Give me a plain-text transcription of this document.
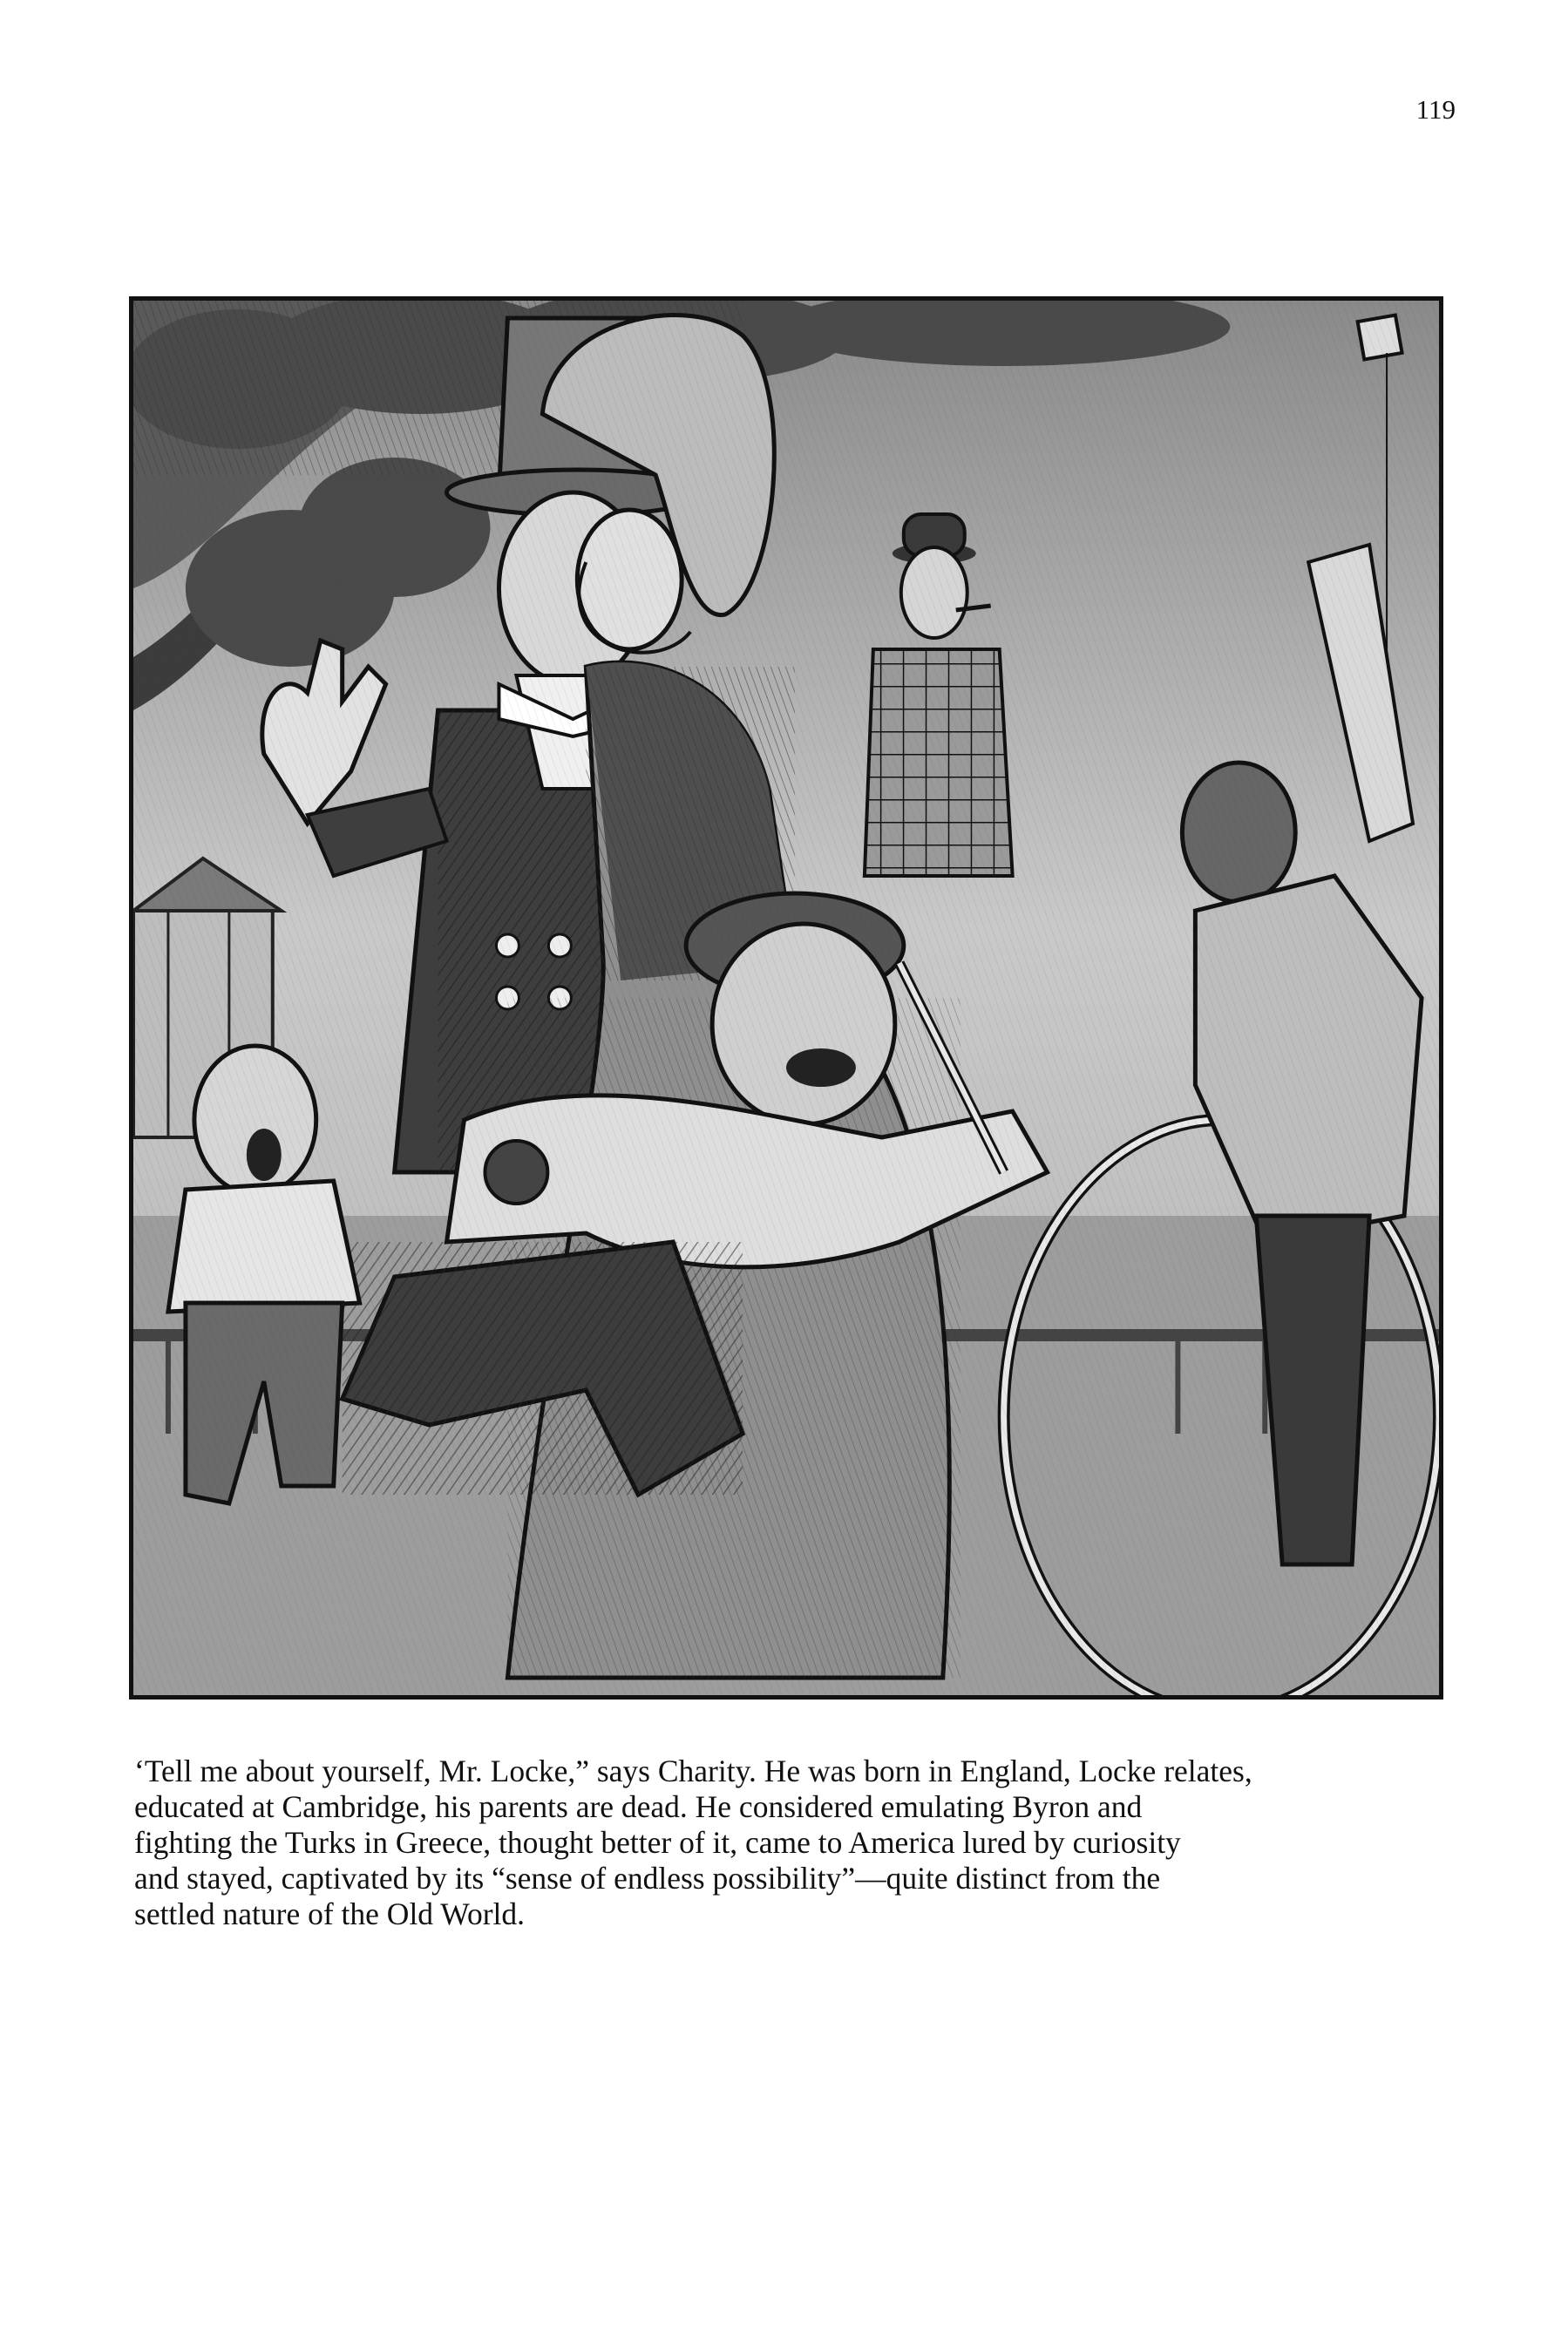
119
‘Tell me about yourself, Mr. Locke,” says Charity. He was born in England, Locke relates,
educated at Cambridge, his parents are dead. He considered emulating Byron and
fighting the Turks in Greece, thought better of it, came to America lured by curiosity
and stayed, captivated by its “sense of endless possibility”—quite distinct from the
settled nature of the Old World.
